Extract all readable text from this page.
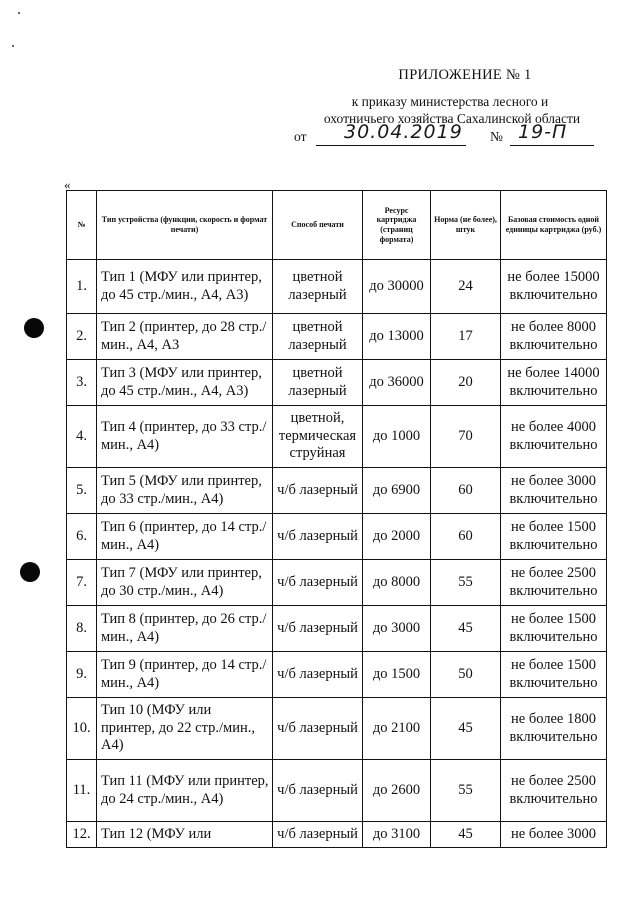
ПРИЛОЖЕНИЕ № 1
к приказу министерства лесного и
охотничьего хозяйства Сахалинской области
от 30.04.2019 № 19-П
«
№	Тип устройства (функции, скорость и формат печати)	Способ печати	Ресурс картриджа (страниц формата)	Норма (не более), штук	Базовая стоимость одной единицы картриджа (руб.)
1.	Тип 1 (МФУ или принтер, до 45 стр./мин., А4, А3)	цветной лазерный	до 30000	24	не более 15000 включительно
2.	Тип 2 (принтер, до 28 стр./мин., А4, А3	цветной лазерный	до 13000	17	не более 8000 включительно
3.	Тип 3 (МФУ или принтер, до 45 стр./мин., А4, А3)	цветной лазерный	до 36000	20	не более 14000 включительно
4.	Тип 4 (принтер, до 33 стр./мин., А4)	цветной, термическая струйная	до 1000	70	не более 4000 включительно
5.	Тип 5 (МФУ или принтер, до 33 стр./мин., А4)	ч/б лазерный	до 6900	60	не более 3000 включительно
6.	Тип 6 (принтер, до 14 стр./мин., А4)	ч/б лазерный	до 2000	60	не более 1500 включительно
7.	Тип 7 (МФУ или принтер, до 30 стр./мин., А4)	ч/б лазерный	до 8000	55	не более 2500 включительно
8.	Тип 8 (принтер, до 26 стр./мин., А4)	ч/б лазерный	до 3000	45	не более 1500 включительно
9.	Тип 9 (принтер, до 14 стр./мин., А4)	ч/б лазерный	до 1500	50	не более 1500 включительно
10.	Тип 10 (МФУ или принтер, до 22 стр./мин., А4)	ч/б лазерный	до 2100	45	не более 1800 включительно
11.	Тип 11 (МФУ или принтер, до 24 стр./мин., А4)	ч/б лазерный	до 2600	55	не более 2500 включительно
12.	Тип 12 (МФУ или	ч/б лазерный	до 3100	45	не более 3000
